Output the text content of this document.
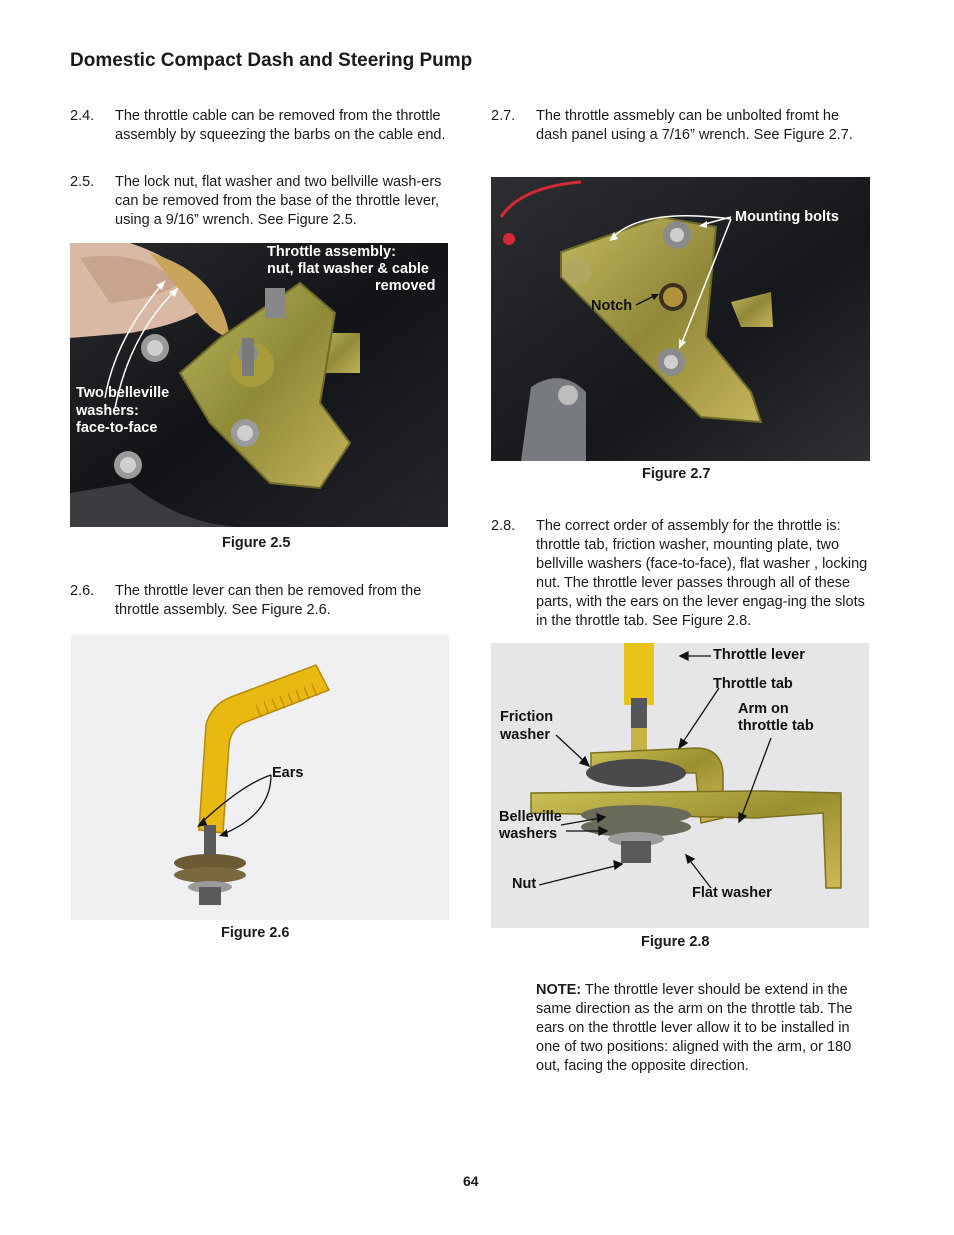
Domestic Compact Dash and Steering Pump
2.4. The throttle cable can be removed from the throttle assembly by squeezing the barbs on the cable end.
2.5. The lock nut, flat washer and two bellville wash-ers can be removed from the base of the throttle lever, using a 9/16” wrench. See Figure 2.5.
Throttle assembly:
nut, flat washer & cable
removed
Two belleville
washers:
face-to-face
Figure 2.5
2.6. The throttle lever can then be removed from the throttle assembly. See Figure 2.6.
Ears
Figure 2.6
2.7. The throttle assmebly can be unbolted fromt he dash panel using a 7/16” wrench. See Figure 2.7.
Mounting bolts
Notch
Figure 2.7
2.8. The correct order of assembly for the throttle is: throttle tab, friction washer, mounting plate, two bellville washers (face-to-face), flat washer , locking nut. The throttle lever passes through all of these parts, with the ears on the lever engag-ing the slots in the throttle tab. See Figure 2.8.
Throttle lever
Throttle tab
Arm on
throttle tab
Friction
washer
Belleville
washers
Nut
Flat washer
Figure 2.8
NOTE: The throttle lever should be extend in the same direction as the arm on the throttle tab. The ears on the throttle lever allow it to be installed in one of two positions: aligned with the arm, or 180 out, facing the opposite direction.
64
